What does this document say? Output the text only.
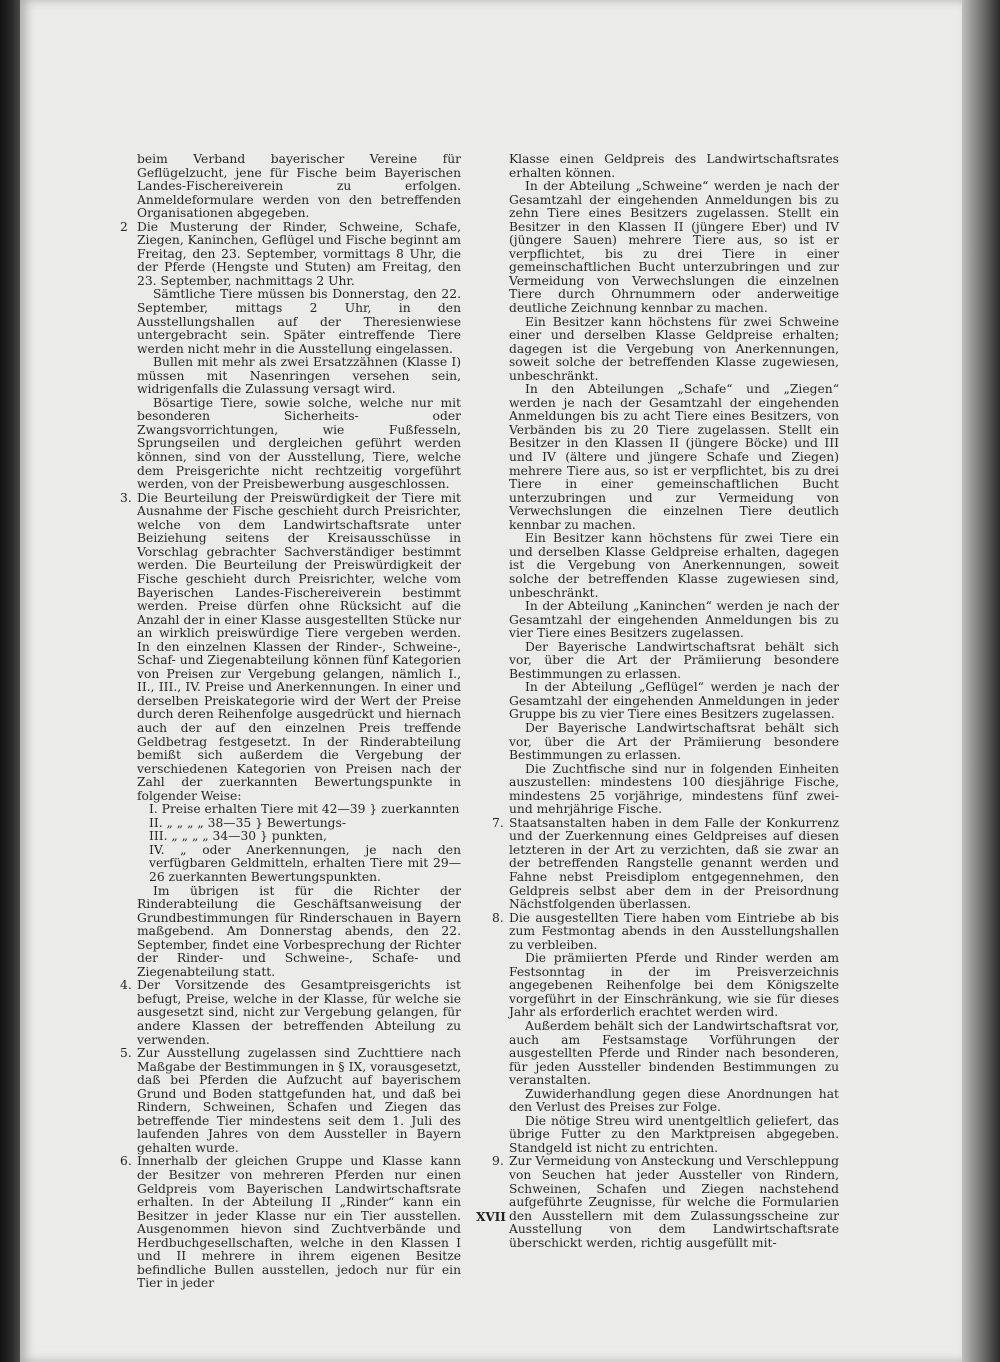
beim Verband bayerischer Vereine für Geflügelzucht, jene für Fische beim Bayerischen Landes-Fischereiverein zu erfolgen. Anmeldeformulare werden von den betreffenden Organisationen abgegeben.

2 Die Musterung der Rinder, Schweine, Schafe, Ziegen, Kaninchen, Geflügel und Fische beginnt am Freitag, den 23. September, vormittags 8 Uhr, die der Pferde (Hengste und Stuten) am Freitag, den 23. September, nachmittags 2 Uhr.

Sämtliche Tiere müssen bis Donnerstag, den 22. September, mittags 2 Uhr, in den Ausstellungshallen auf der Theresienwiese untergebracht sein. Später eintreffende Tiere werden nicht mehr in die Ausstellung eingelassen.

Bullen mit mehr als zwei Ersatzzähnen (Klasse I) müssen mit Nasenringen versehen sein, widrigenfalls die Zulassung versagt wird.

Bösartige Tiere, sowie solche, welche nur mit besonderen Sicherheits- oder Zwangsvorrichtungen, wie Fußfesseln, Sprungseilen und dergleichen geführt werden können, sind von der Ausstellung, Tiere, welche dem Preisgerichte nicht rechtzeitig vorgeführt werden, von der Preisbewerbung ausgeschlossen.

3. Die Beurteilung der Preiswürdigkeit der Tiere mit Ausnahme der Fische geschieht durch Preisrichter, welche von dem Landwirtschaftsrate unter Beiziehung seitens der Kreisausschüsse in Vorschlag gebrachter Sachverständiger bestimmt werden. Die Beurteilung der Preiswürdigkeit der Fische geschieht durch Preisrichter, welche vom Bayerischen Landes-Fischereiverein bestimmt werden. Preise dürfen ohne Rücksicht auf die Anzahl der in einer Klasse ausgestellten Stücke nur an wirklich preiswürdige Tiere vergeben werden. In den einzelnen Klassen der Rinder-, Schweine-, Schaf- und Ziegenabteilung können fünf Kategorien von Preisen zur Vergebung gelangen, nämlich I., II., III., IV. Preise und Anerkennungen. In einer und derselben Preiskategorie wird der Wert der Preise durch deren Reihenfolge ausgedrückt und hiernach auch der auf den einzelnen Preis treffende Geldbetrag festgesetzt. In der Rinderabteilung bemißt sich außerdem die Vergebung der verschiedenen Kategorien von Preisen nach der Zahl der zuerkannten Bewertungspunkte in folgender Weise:

I. Preise erhalten Tiere mit 42—39 } zuerkannten

II. „ „ „ „ 38—35 } Bewertungs-

III. „ „ „ „ 34—30 } punkten,

IV. „ oder Anerkennungen, je nach den verfügbaren Geldmitteln, erhalten Tiere mit 29—26 zuerkannten Bewertungspunkten.

Im übrigen ist für die Richter der Rinderabteilung die Geschäftsanweisung der Grundbestimmungen für Rinderschauen in Bayern maßgebend. Am Donnerstag abends, den 22. September, findet eine Vorbesprechung der Richter der Rinder- und Schweine-, Schafe- und Ziegenabteilung statt.

4. Der Vorsitzende des Gesamtpreisgerichts ist befugt, Preise, welche in der Klasse, für welche sie ausgesetzt sind, nicht zur Vergebung gelangen, für andere Klassen der betreffenden Abteilung zu verwenden.

5. Zur Ausstellung zugelassen sind Zuchttiere nach Maßgabe der Bestimmungen in § IX, vorausgesetzt, daß bei Pferden die Aufzucht auf bayerischem Grund und Boden stattgefunden hat, und daß bei Rindern, Schweinen, Schafen und Ziegen das betreffende Tier mindestens seit dem 1. Juli des laufenden Jahres von dem Aussteller in Bayern gehalten wurde.

6. Innerhalb der gleichen Gruppe und Klasse kann der Besitzer von mehreren Pferden nur einen Geldpreis vom Bayerischen Landwirtschaftsrate erhalten. In der Abteilung II „Rinder“ kann ein Besitzer in jeder Klasse nur ein Tier ausstellen. Ausgenommen hievon sind Zuchtverbände und Herdbuchgesellschaften, welche in den Klassen I und II mehrere in ihrem eigenen Besitze befindliche Bullen ausstellen, jedoch nur für ein Tier in jeder

Klasse einen Geldpreis des Landwirtschaftsrates erhalten können.

In der Abteilung „Schweine“ werden je nach der Gesamtzahl der eingehenden Anmeldungen bis zu zehn Tiere eines Besitzers zugelassen. Stellt ein Besitzer in den Klassen II (jüngere Eber) und IV (jüngere Sauen) mehrere Tiere aus, so ist er verpflichtet, bis zu drei Tiere in einer gemeinschaftlichen Bucht unterzubringen und zur Vermeidung von Verwechslungen die einzelnen Tiere durch Ohrnummern oder anderweitige deutliche Zeichnung kennbar zu machen.

Ein Besitzer kann höchstens für zwei Schweine einer und derselben Klasse Geldpreise erhalten; dagegen ist die Vergebung von Anerkennungen, soweit solche der betreffenden Klasse zugewiesen, unbeschränkt.

In den Abteilungen „Schafe“ und „Ziegen“ werden je nach der Gesamtzahl der eingehenden Anmeldungen bis zu acht Tiere eines Besitzers, von Verbänden bis zu 20 Tiere zugelassen. Stellt ein Besitzer in den Klassen II (jüngere Böcke) und III und IV (ältere und jüngere Schafe und Ziegen) mehrere Tiere aus, so ist er verpflichtet, bis zu drei Tiere in einer gemeinschaftlichen Bucht unterzubringen und zur Vermeidung von Verwechslungen die einzelnen Tiere deutlich kennbar zu machen.

Ein Besitzer kann höchstens für zwei Tiere ein und derselben Klasse Geldpreise erhalten, dagegen ist die Vergebung von Anerkennungen, soweit solche der betreffenden Klasse zugewiesen sind, unbeschränkt.

In der Abteilung „Kaninchen“ werden je nach der Gesamtzahl der eingehenden Anmeldungen bis zu vier Tiere eines Besitzers zugelassen.

Der Bayerische Landwirtschaftsrat behält sich vor, über die Art der Prämiierung besondere Bestimmungen zu erlassen.

In der Abteilung „Geflügel“ werden je nach der Gesamtzahl der eingehenden Anmeldungen in jeder Gruppe bis zu vier Tiere eines Besitzers zugelassen.

Der Bayerische Landwirtschaftsrat behält sich vor, über die Art der Prämiierung besondere Bestimmungen zu erlassen.

Die Zuchtfische sind nur in folgenden Einheiten auszustellen: mindestens 100 diesjährige Fische, mindestens 25 vorjährige, mindestens fünf zwei- und mehrjährige Fische.

7. Staatsanstalten haben in dem Falle der Konkurrenz und der Zuerkennung eines Geldpreises auf diesen letzteren in der Art zu verzichten, daß sie zwar an der betreffenden Rangstelle genannt werden und Fahne nebst Preisdiplom entgegennehmen, den Geldpreis selbst aber dem in der Preisordnung Nächstfolgenden überlassen.

8. Die ausgestellten Tiere haben vom Eintriebe ab bis zum Festmontag abends in den Ausstellungshallen zu verbleiben.

Die prämiierten Pferde und Rinder werden am Festsonntag in der im Preisverzeichnis angegebenen Reihenfolge bei dem Königszelte vorgeführt in der Einschränkung, wie sie für dieses Jahr als erforderlich erachtet werden wird.

Außerdem behält sich der Landwirtschaftsrat vor, auch am Festsamstage Vorführungen der ausgestellten Pferde und Rinder nach besonderen, für jeden Aussteller bindenden Bestimmungen zu veranstalten.

Zuwiderhandlung gegen diese Anordnungen hat den Verlust des Preises zur Folge.

Die nötige Streu wird unentgeltlich geliefert, das übrige Futter zu den Marktpreisen abgegeben. Standgeld ist nicht zu entrichten.

9. Zur Vermeidung von Ansteckung und Verschleppung von Seuchen hat jeder Aussteller von Rindern, Schweinen, Schafen und Ziegen nachstehend aufgeführte Zeugnisse, für welche die Formularien den Ausstellern mit dem Zulassungsscheine zur Ausstellung von dem Landwirtschaftsrate überschickt werden, richtig ausgefüllt mit-

XVII
